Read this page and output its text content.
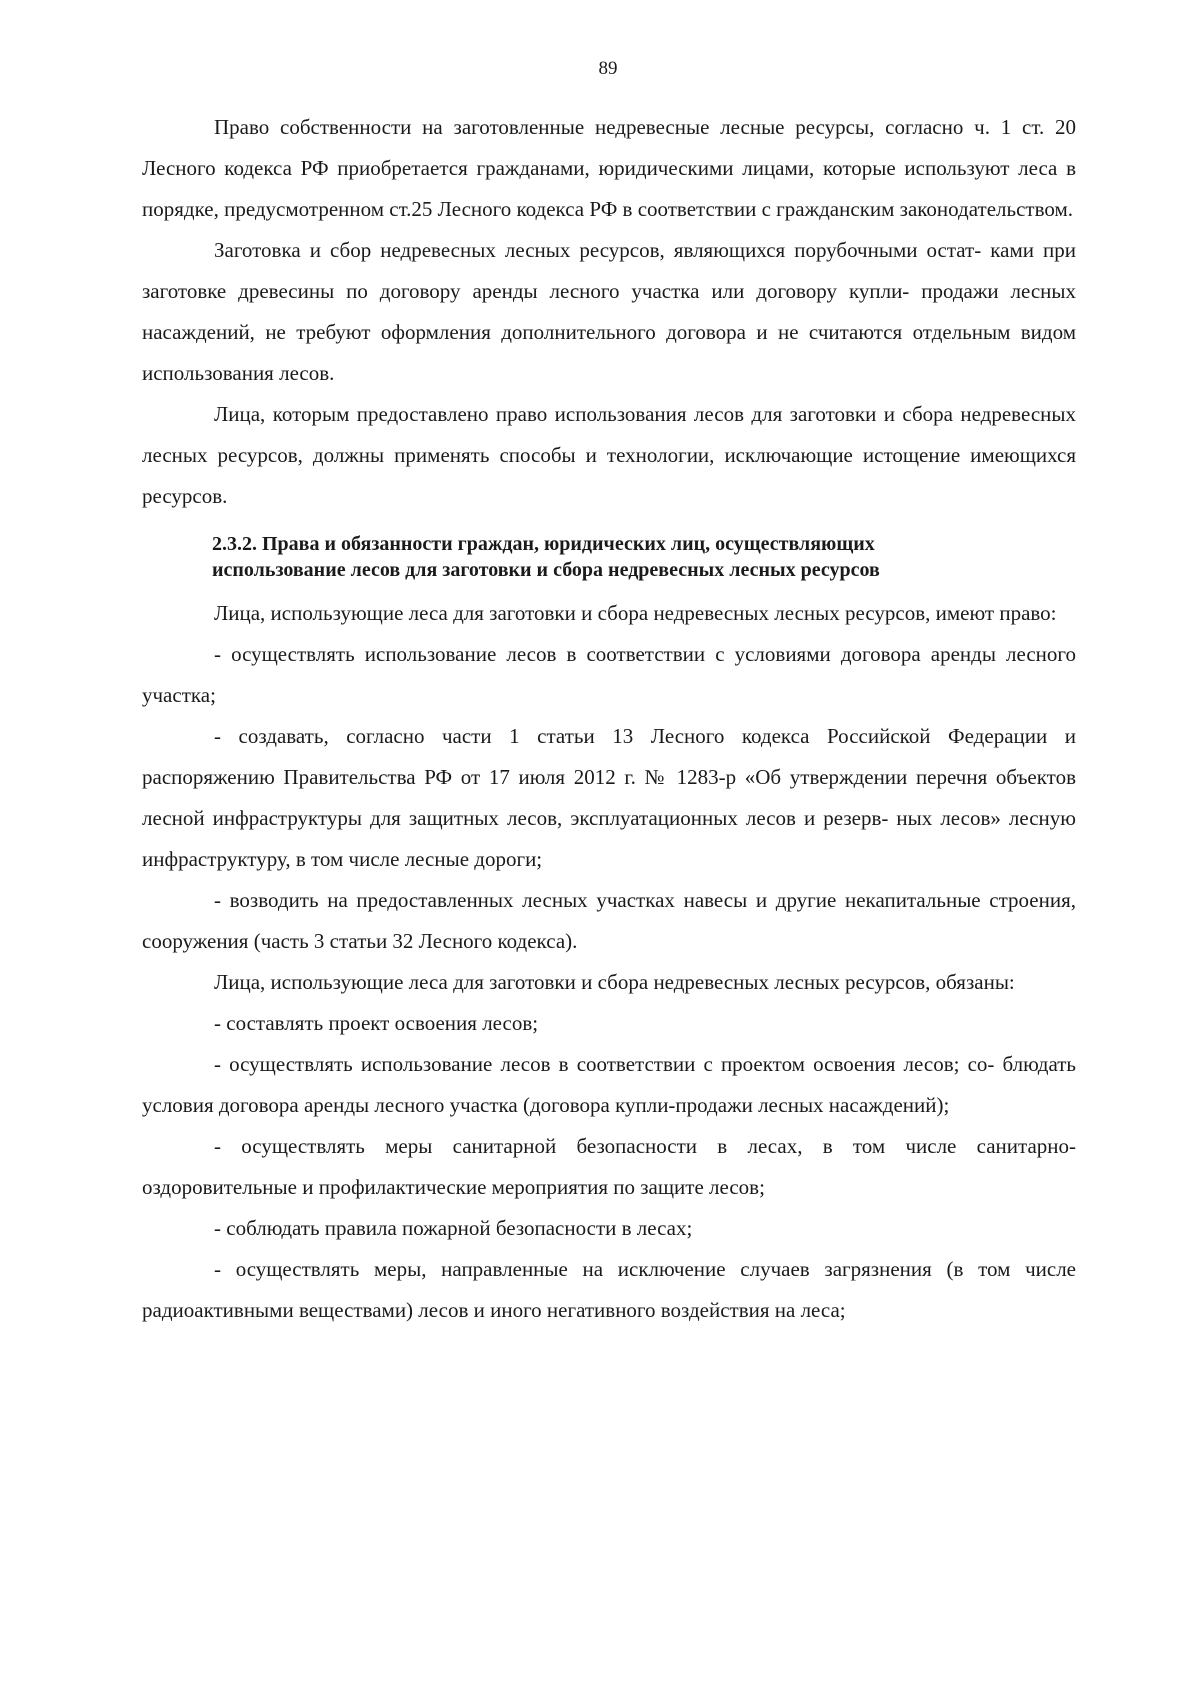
89

Право собственности на заготовленные недревесные лесные ресурсы, согласно ч. 1 ст. 20 Лесного кодекса РФ приобретается гражданами, юридическими лицами, которые используют леса в порядке, предусмотренном ст.25 Лесного кодекса РФ в соответствии с гражданским законодательством.

Заготовка и сбор недревесных лесных ресурсов, являющихся порубочными остат- ками при заготовке древесины по договору аренды лесного участка или договору купли- продажи лесных насаждений, не требуют оформления дополнительного договора и не считаются отдельным видом использования лесов.

Лица, которым предоставлено право использования лесов для заготовки и сбора недревесных лесных ресурсов, должны применять способы и технологии, исключающие истощение имеющихся ресурсов.

2.3.2. Права и обязанности граждан, юридических лиц, осуществляющих
использование лесов для заготовки и сбора недревесных лесных ресурсов

Лица, использующие леса для заготовки и сбора недревесных лесных ресурсов, имеют право:

- осуществлять использование лесов в соответствии с условиями договора аренды лесного участка;

- создавать, согласно части 1 статьи 13 Лесного кодекса Российской Федерации и распоряжению Правительства РФ от 17 июля 2012 г. № 1283-р «Об утверждении перечня объектов лесной инфраструктуры для защитных лесов, эксплуатационных лесов и резерв- ных лесов» лесную инфраструктуру, в том числе лесные дороги;

- возводить на предоставленных лесных участках навесы и другие некапитальные строения, сооружения (часть 3 статьи 32 Лесного кодекса).

Лица, использующие леса для заготовки и сбора недревесных лесных ресурсов, обязаны:

- составлять проект освоения лесов;

- осуществлять использование лесов в соответствии с проектом освоения лесов; со- блюдать условия договора аренды лесного участка (договора купли-продажи лесных насаждений);

- осуществлять меры санитарной безопасности в лесах, в том числе санитарно- оздоровительные и профилактические мероприятия по защите лесов;

- соблюдать правила пожарной безопасности в лесах;

- осуществлять меры, направленные на исключение случаев загрязнения (в том числе радиоактивными веществами) лесов и иного негативного воздействия на леса;
